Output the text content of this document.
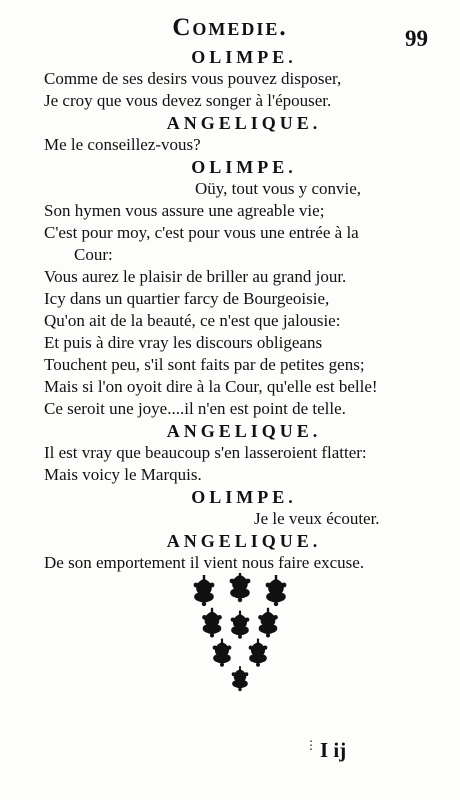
Comedie.	99
OLIMPE.
Comme de ses desirs vous pouvez disposer,
Je croy que vous devez songer à l'épouser.
ANGELIQUE.
Me le conseillez-vous?
OLIMPE.
Oüy, tout vous y convie,
Son hymen vous assure une agreable vie;
C'est pour moy, c'est pour vous une entrée à la
Cour:
Vous aurez le plaisir de briller au grand jour.
Icy dans un quartier farcy de Bourgeoisie,
Qu'on ait de la beauté, ce n'est que jalousie:
Et puis à dire vray les discours obligeans
Touchent peu, s'il sont faits par de petites gens;
Mais si l'on oyoit dire à la Cour, qu'elle est belle!
Ce seroit une joye....il n'en est point de telle.
ANGELIQUE.
Il est vray que beaucoup s'en lasseroient flatter:
Mais voicy le Marquis.
OLIMPE.
Je le veux écouter.
ANGELIQUE.
De son emportement il vient nous faire excuse.
⋮ I ij
